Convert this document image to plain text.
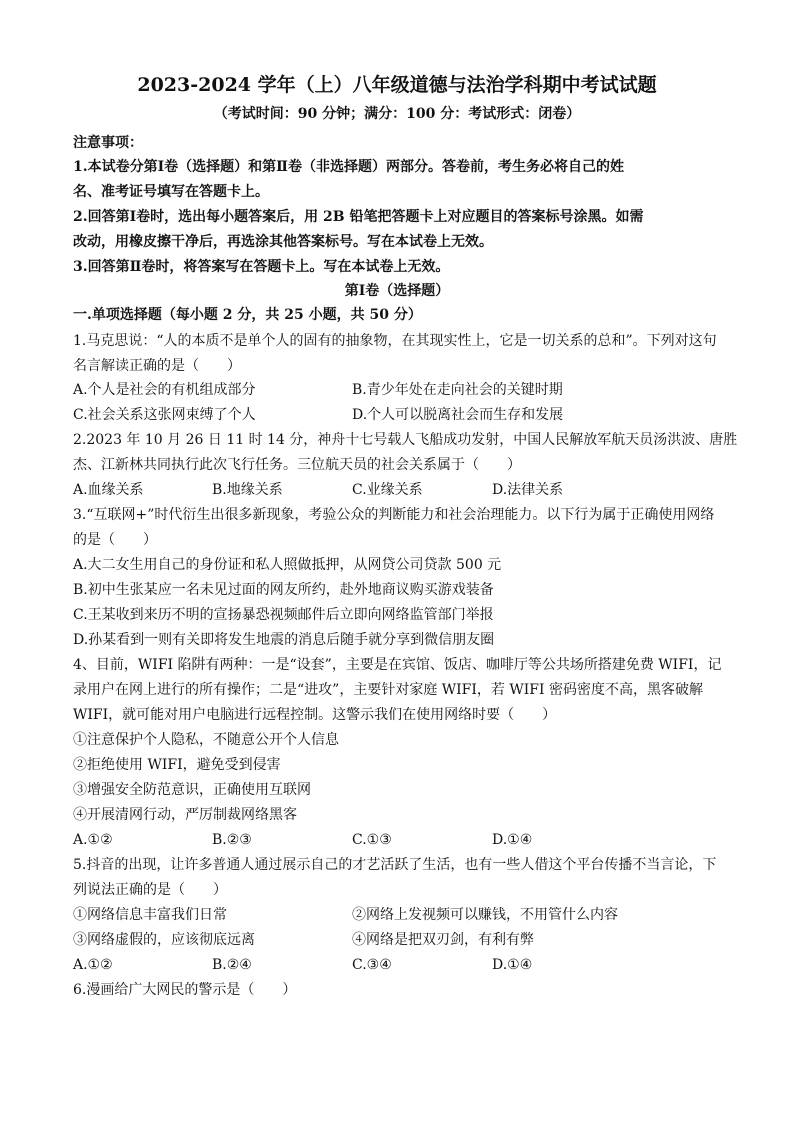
2023-2024 学年（上）八年级道德与法治学科期中考试试题
（考试时间：90 分钟；满分：100 分：考试形式：闭卷）
注意事项：
1.本试卷分第Ⅰ卷（选择题）和第Ⅱ卷（非选择题）两部分。答卷前，考生务必将自己的姓
名、准考证号填写在答题卡上。
2.回答第Ⅰ卷时，选出每小题答案后，用 2B 铅笔把答题卡上对应题目的答案标号涂黑。如需
改动，用橡皮擦干净后，再选涂其他答案标号。写在本试卷上无效。
3.回答第Ⅱ卷时，将答案写在答题卡上。写在本试卷上无效。
第Ⅰ卷（选择题）
一.单项选择题（每小题 2 分，共 25 小题，共 50 分）
1.马克思说：“人的本质不是单个人的固有的抽象物，在其现实性上，它是一切关系的总和”。下列对这句
名言解读正确的是（　　）
A.个人是社会的有机组成部分	B.青少年处在走向社会的关键时期
C.社会关系这张网束缚了个人	D.个人可以脱离社会而生存和发展
2.2023 年 10 月 26 日 11 时 14 分，神舟十七号载人飞船成功发射，中国人民解放军航天员汤洪波、唐胜
杰、江新林共同执行此次飞行任务。三位航天员的社会关系属于（　　）
A.血缘关系	B.地缘关系	C.业缘关系	D.法律关系
3.“互联网+”时代衍生出很多新现象，考验公众的判断能力和社会治理能力。以下行为属于正确使用网络
的是（　　）
A.大二女生用自己的身份证和私人照做抵押，从网贷公司贷款 500 元
B.初中生张某应一名未见过面的网友所约，赴外地商议购买游戏装备
C.王某收到来历不明的宣扬暴恐视频邮件后立即向网络监管部门举报
D.孙某看到一则有关即将发生地震的消息后随手就分享到微信朋友圈
4、目前，WIFI 陷阱有两种：一是“设套”，主要是在宾馆、饭店、咖啡厅等公共场所搭建免费 WIFI，记
录用户在网上进行的所有操作；二是“进攻”，主要针对家庭 WIFI，若 WIFI 密码密度不高，黑客破解
WIFI，就可能对用户电脑进行远程控制。这警示我们在使用网络时要（　　）
①注意保护个人隐私，不随意公开个人信息
②拒绝使用 WIFI，避免受到侵害
③增强安全防范意识，正确使用互联网
④开展清网行动，严厉制裁网络黑客
A.①②	B.②③	C.①③	D.①④
5.抖音的出现，让许多普通人通过展示自己的才艺活跃了生活，也有一些人借这个平台传播不当言论，下
列说法正确的是（　　）
①网络信息丰富我们日常	②网络上发视频可以赚钱，不用管什么内容
③网络虚假的，应该彻底远离	④网络是把双刃剑，有利有弊
A.①②	B.②④	C.③④	D.①④
6.漫画给广大网民的警示是（　　）
